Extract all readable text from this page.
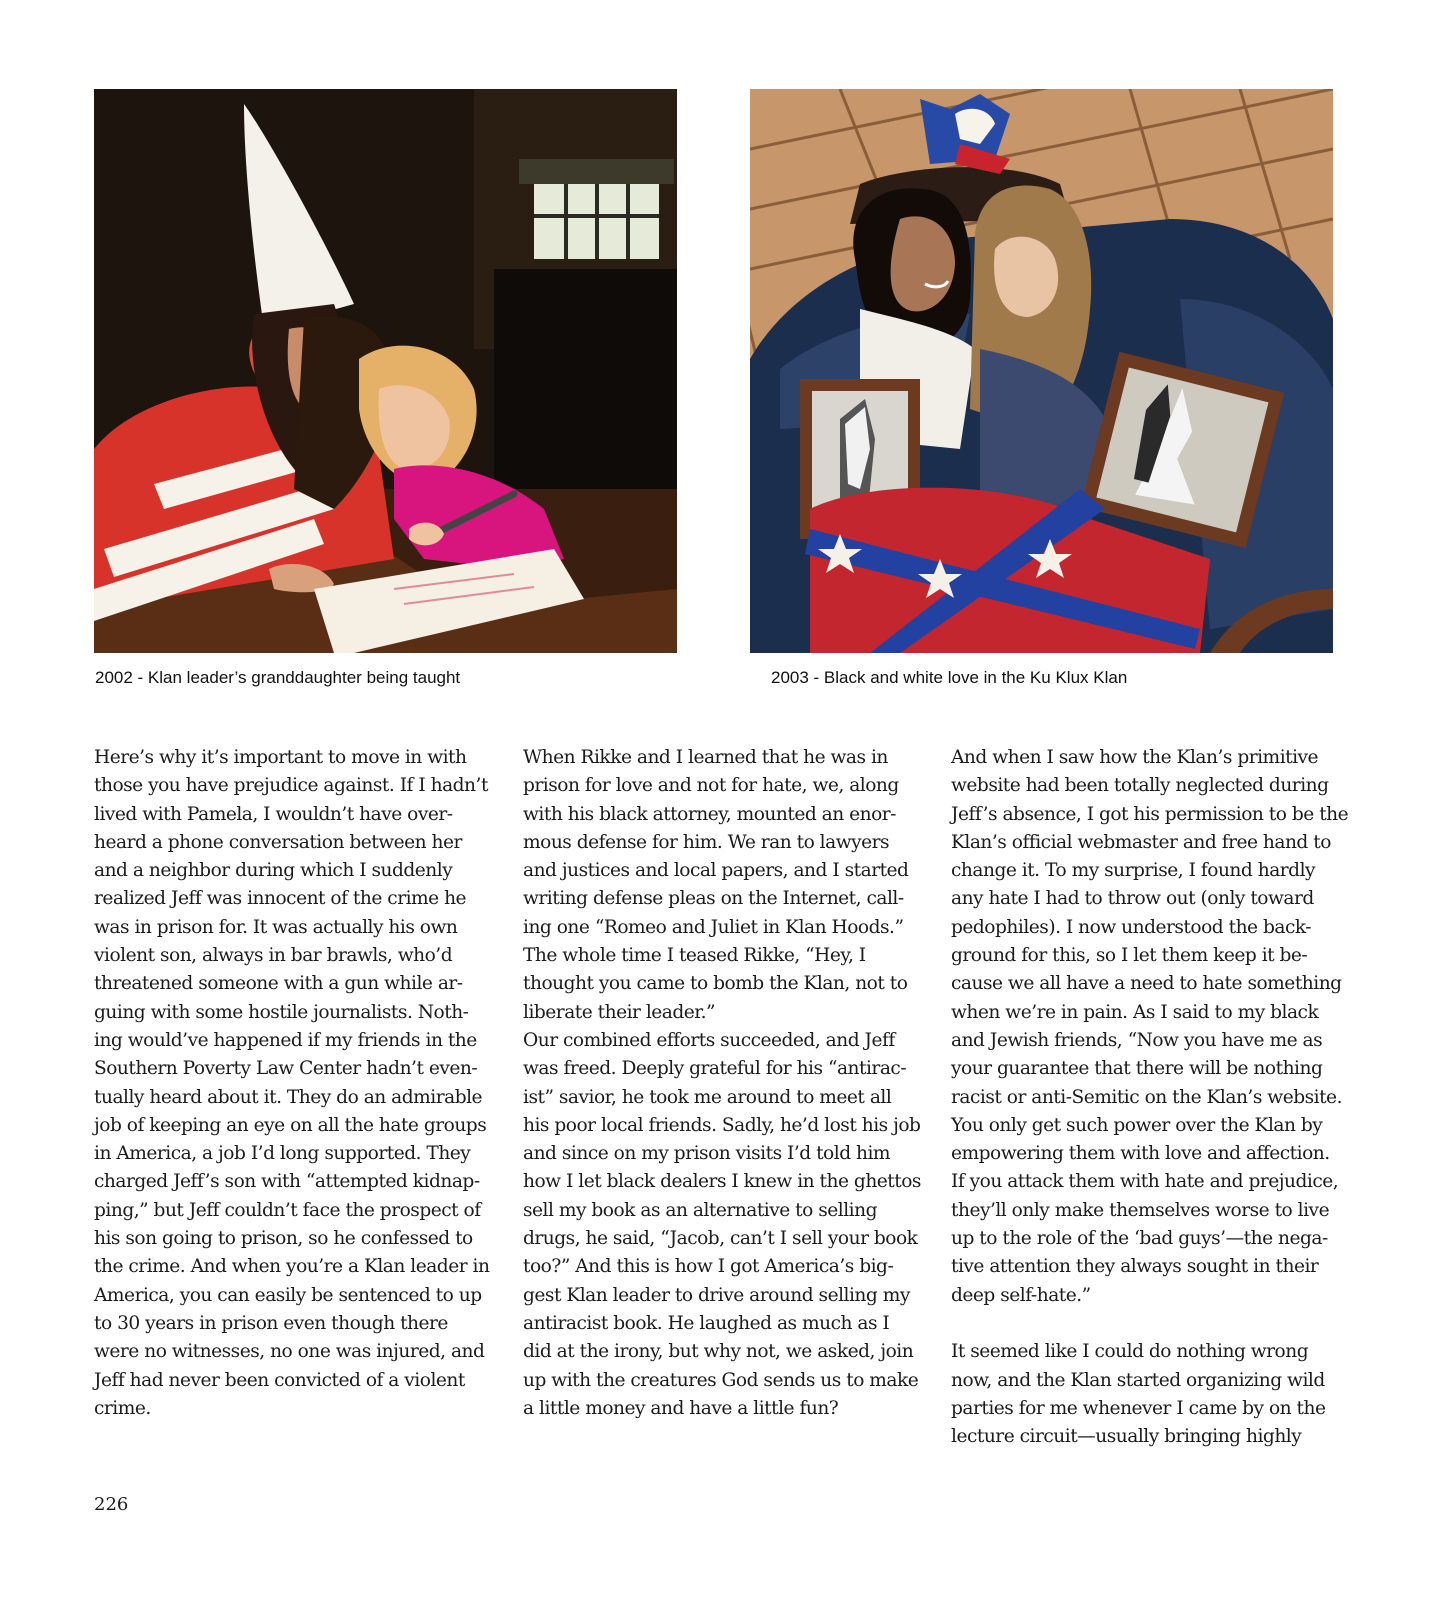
2002 - Klan leader’s granddaughter being taught	2003 - Black and white love in the Ku Klux Klan
Here’s why it’s important to move in with
those you have prejudice against. If I hadn’t
lived with Pamela, I wouldn’t have over-
heard a phone conversation between her
and a neighbor during which I suddenly
realized Jeff was innocent of the crime he
was in prison for. It was actually his own
violent son, always in bar brawls, who’d
threatened someone with a gun while ar-
guing with some hostile journalists. Noth-
ing would’ve happened if my friends in the
Southern Poverty Law Center hadn’t even-
tually heard about it. They do an admirable
job of keeping an eye on all the hate groups
in America, a job I’d long supported. They
charged Jeff’s son with “attempted kidnap-
ping,” but Jeff couldn’t face the prospect of
his son going to prison, so he confessed to
the crime. And when you’re a Klan leader in
America, you can easily be sentenced to up
to 30 years in prison even though there
were no witnesses, no one was injured, and
Jeff had never been convicted of a violent
crime.
When Rikke and I learned that he was in
prison for love and not for hate, we, along
with his black attorney, mounted an enor-
mous defense for him. We ran to lawyers
and justices and local papers, and I started
writing defense pleas on the Internet, call-
ing one “Romeo and Juliet in Klan Hoods.”
The whole time I teased Rikke, “Hey, I
thought you came to bomb the Klan, not to
liberate their leader.”
Our combined efforts succeeded, and Jeff
was freed. Deeply grateful for his “antirac-
ist” savior, he took me around to meet all
his poor local friends. Sadly, he’d lost his job
and since on my prison visits I’d told him
how I let black dealers I knew in the ghettos
sell my book as an alternative to selling
drugs, he said, “Jacob, can’t I sell your book
too?” And this is how I got America’s big-
gest Klan leader to drive around selling my
antiracist book. He laughed as much as I
did at the irony, but why not, we asked, join
up with the creatures God sends us to make
a little money and have a little fun?
And when I saw how the Klan’s primitive
website had been totally neglected during
Jeff’s absence, I got his permission to be the
Klan’s official webmaster and free hand to
change it. To my surprise, I found hardly
any hate I had to throw out (only toward
pedophiles). I now understood the back-
ground for this, so I let them keep it be-
cause we all have a need to hate something
when we’re in pain. As I said to my black
and Jewish friends, “Now you have me as
your guarantee that there will be nothing
racist or anti-Semitic on the Klan’s website.
You only get such power over the Klan by
empowering them with love and affection.
If you attack them with hate and prejudice,
they’ll only make themselves worse to live
up to the role of the ‘bad guys’—the nega-
tive attention they always sought in their
deep self-hate.”
It seemed like I could do nothing wrong
now, and the Klan started organizing wild
parties for me whenever I came by on the
lecture circuit—usually bringing highly
226
